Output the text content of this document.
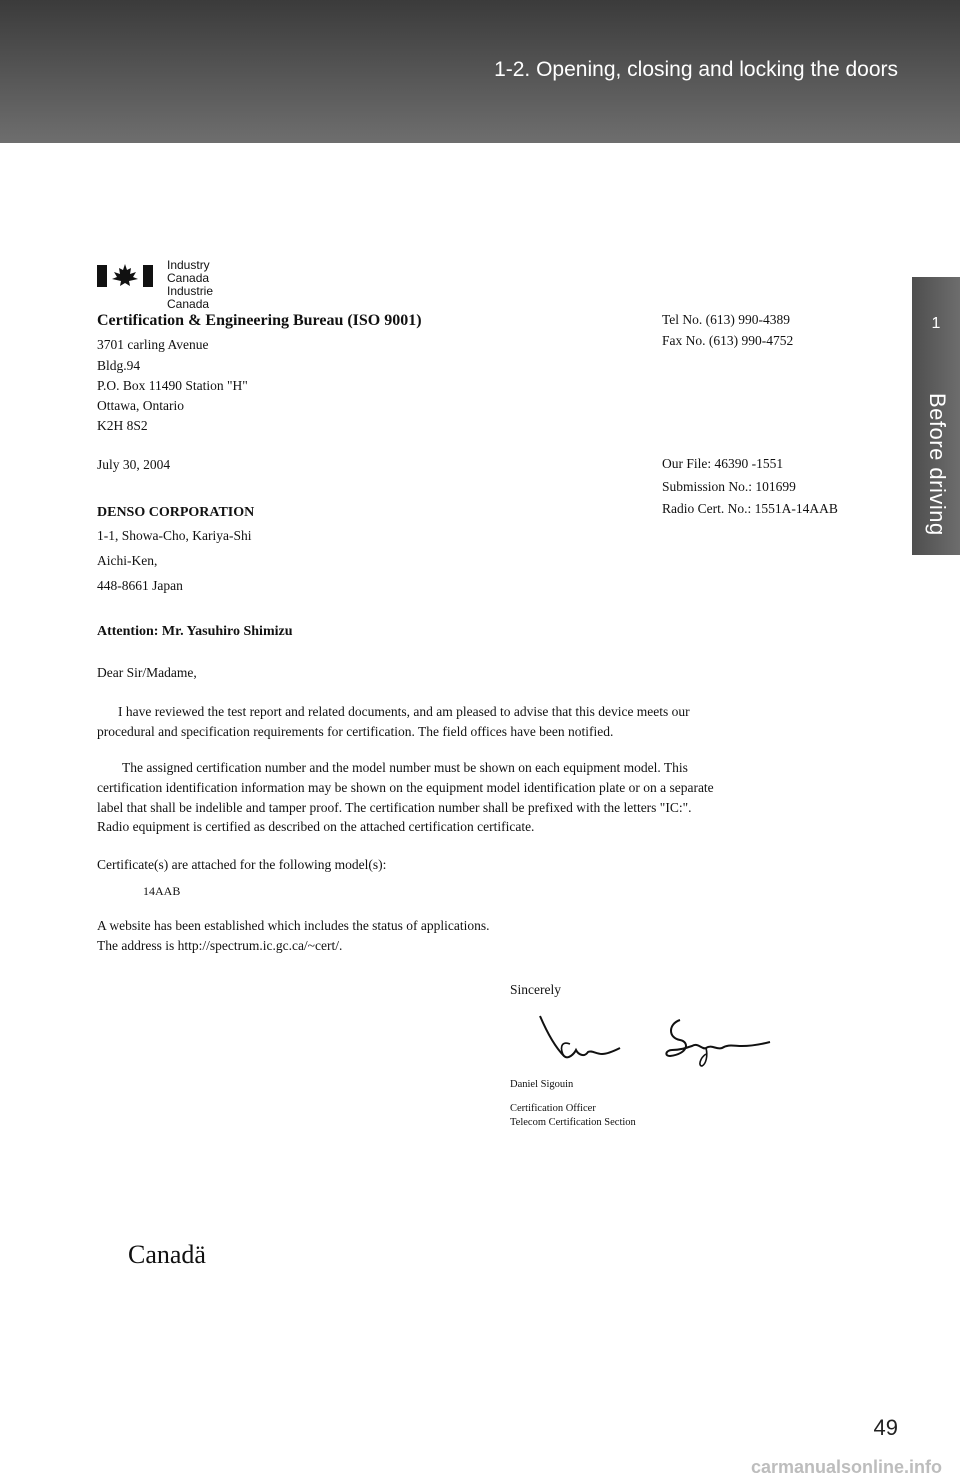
1-2. Opening, closing and locking the doors
1
Before driving
Industry
Canada Industrie
Canada
Certification & Engineering Bureau (ISO 9001)
3701 carling Avenue
Bldg.94
P.O. Box 11490 Station "H"
Ottawa, Ontario
K2H 8S2
Tel No. (613) 990-4389
Fax No. (613) 990-4752
July 30, 2004	Our File: 46390 -1551
Submission No.: 101699
Radio Cert. No.: 1551A-14AAB
DENSO CORPORATION
1-1, Showa-Cho, Kariya-Shi
Aichi-Ken,
448-8661 Japan
Attention: Mr. Yasuhiro Shimizu
Dear Sir/Madame,
I have reviewed the test report and related documents, and am pleased to advise that this device meets our
procedural and specification requirements for certification. The field offices have been notified.
The assigned certification number and the model number must be shown on each equipment model. This
certification identification information may be shown on the equipment model identification plate or on a separate
label that shall be indelible and tamper proof. The certification number shall be prefixed with the letters "IC:".
Radio equipment is certified as described on the attached certification certificate.
Certificate(s) are attached for the following model(s):
14AAB
A website has been established which includes the status of applications.
The address is http://spectrum.ic.gc.ca/~cert/.
Sincerely
Daniel Sigouin
Certification Officer
Telecom Certification Section
Canadä
49
carmanualsonline.info
